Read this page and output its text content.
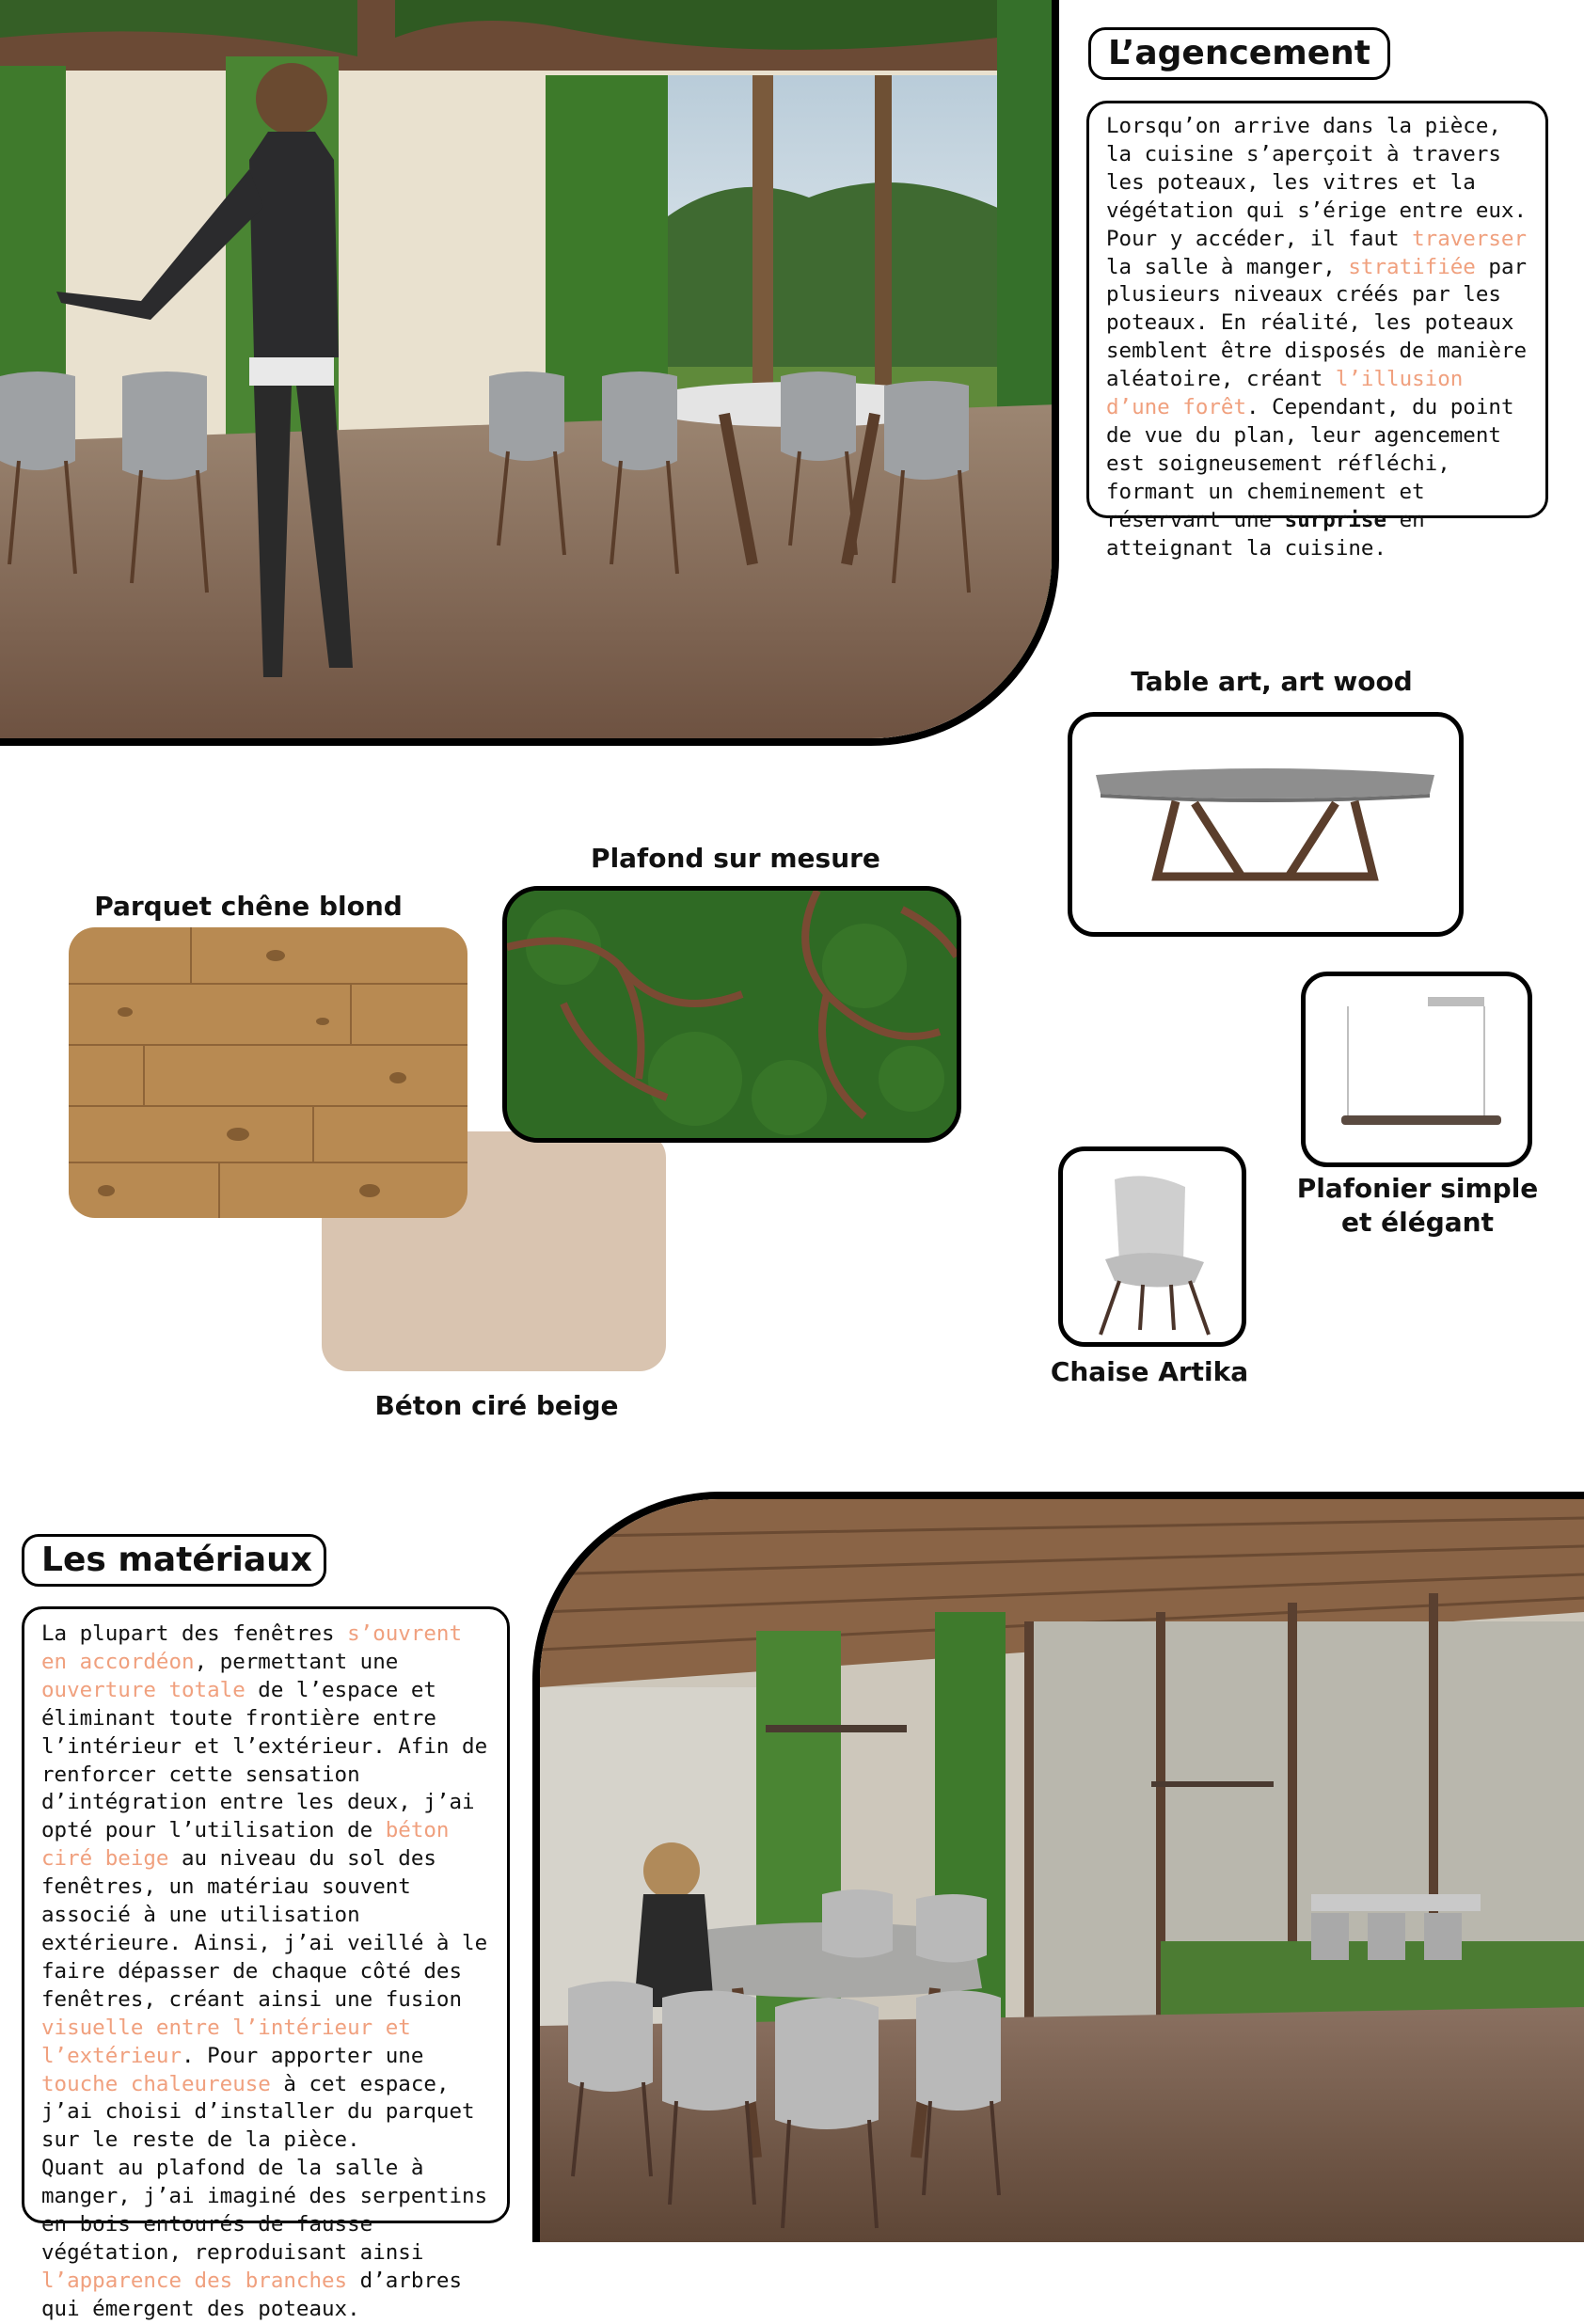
L’agencement
Lorsqu’on arrive dans la pièce, la cuisine s’aperçoit à travers les poteaux, les vitres et la végétation qui s’érige entre eux. Pour y accéder, il faut traverser la salle à manger, stratifiée par plusieurs niveaux créés par les poteaux. En réalité, les poteaux semblent être disposés de manière aléatoire, créant l’illusion d’une forêt. Cependant, du point de vue du plan, leur agencement est soigneusement réfléchi, formant un cheminement et réservant une surprise en atteignant la cuisine.
Table art, art wood
Plafonier simple et élégant
Chaise Artika
Plafond sur mesure
Parquet chêne blond
Béton ciré beige
Les matériaux
La plupart des fenêtres s’ouvrent en accordéon, permettant une ouverture totale de l’espace et éliminant toute frontière entre l’intérieur et l’extérieur. Afin de renforcer cette sensation d’intégration entre les deux, j’ai opté pour l’utilisation de béton ciré beige au niveau du sol des fenêtres, un matériau souvent associé à une utilisation extérieure. Ainsi, j’ai veillé à le faire dépasser de chaque côté des fenêtres, créant ainsi une fusion visuelle entre l’intérieur et l’extérieur. Pour apporter une touche chaleureuse à cet espace, j’ai choisi d’installer du parquet sur le reste de la pièce.
Quant au plafond de la salle à manger, j’ai imaginé des serpentins en bois entourés de fausse végétation, reproduisant ainsi l’apparence des branches d’arbres qui émergent des poteaux.
